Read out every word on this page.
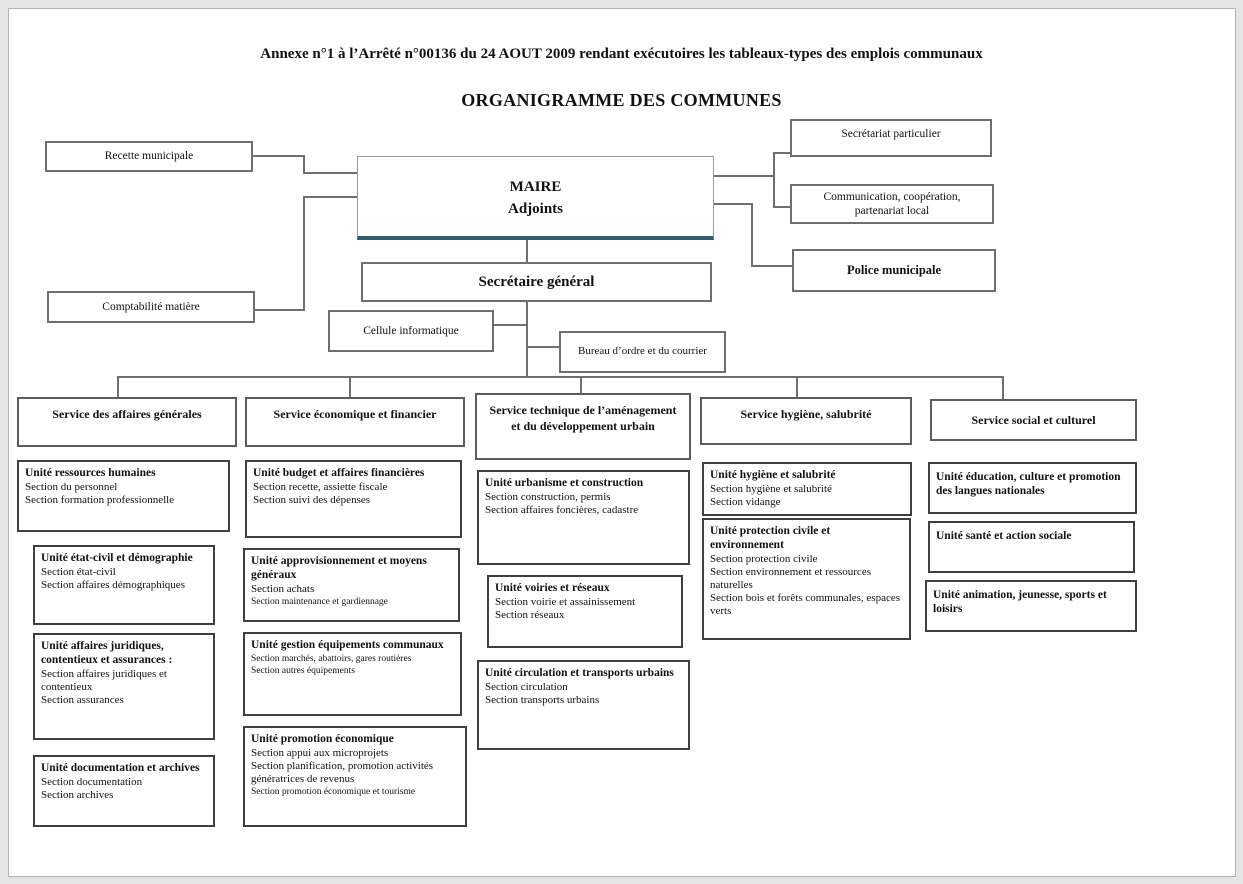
Annexe n°1 à l’Arrêté n°00136 du 24 AOUT 2009 rendant exécutoires les tableaux-types des emplois communaux
ORGANIGRAMME DES COMMUNES
Recette municipale
MAIRE
Adjoints
Secrétariat particulier
Communication, coopération, partenariat local
Police municipale
Secrétaire général
Comptabilité matière
Cellule informatique
Bureau d’ordre et du courrier
Service des affaires générales	Service économique et financier	Service technique de l’aménagement et du développement urbain
Service hygiène, salubrité	Service social et culturel
Unité ressources humaines
Section du personnel
Section formation professionnelle
Unité état-civil et démographie
Section état-civil
Section affaires démographiques
Unité affaires juridiques, contentieux et assurances :
Section affaires juridiques et contentieux
Section assurances
Unité documentation et archives
Section documentation
Section archives
Unité budget et affaires financières
Section recette, assiette fiscale
Section suivi des dépenses
Unité approvisionnement et moyens généraux
Section achats
Section maintenance et gardiennage
Unité gestion équipements communaux
Section marchés, abattoirs, gares routières
Section autres équipements
Unité promotion économique
Section appui aux microprojets
Section planification, promotion activités génératrices de revenus
Section promotion économique et tourisme
Unité urbanisme et construction
Section construction, permis
Section affaires foncières, cadastre
Unité voiries et réseaux
Section voirie et assainissement
Section réseaux
Unité circulation et transports urbains
Section circulation
Section transports urbains
Unité hygiène et salubrité
Section hygiène et salubrité
Section vidange
Unité protection civile et environnement
Section protection civile
Section environnement et ressources naturelles
Section bois et forêts communales, espaces verts
Unité éducation, culture et promotion des langues nationales
Unité santé et action sociale
Unité animation, jeunesse, sports et loisirs
